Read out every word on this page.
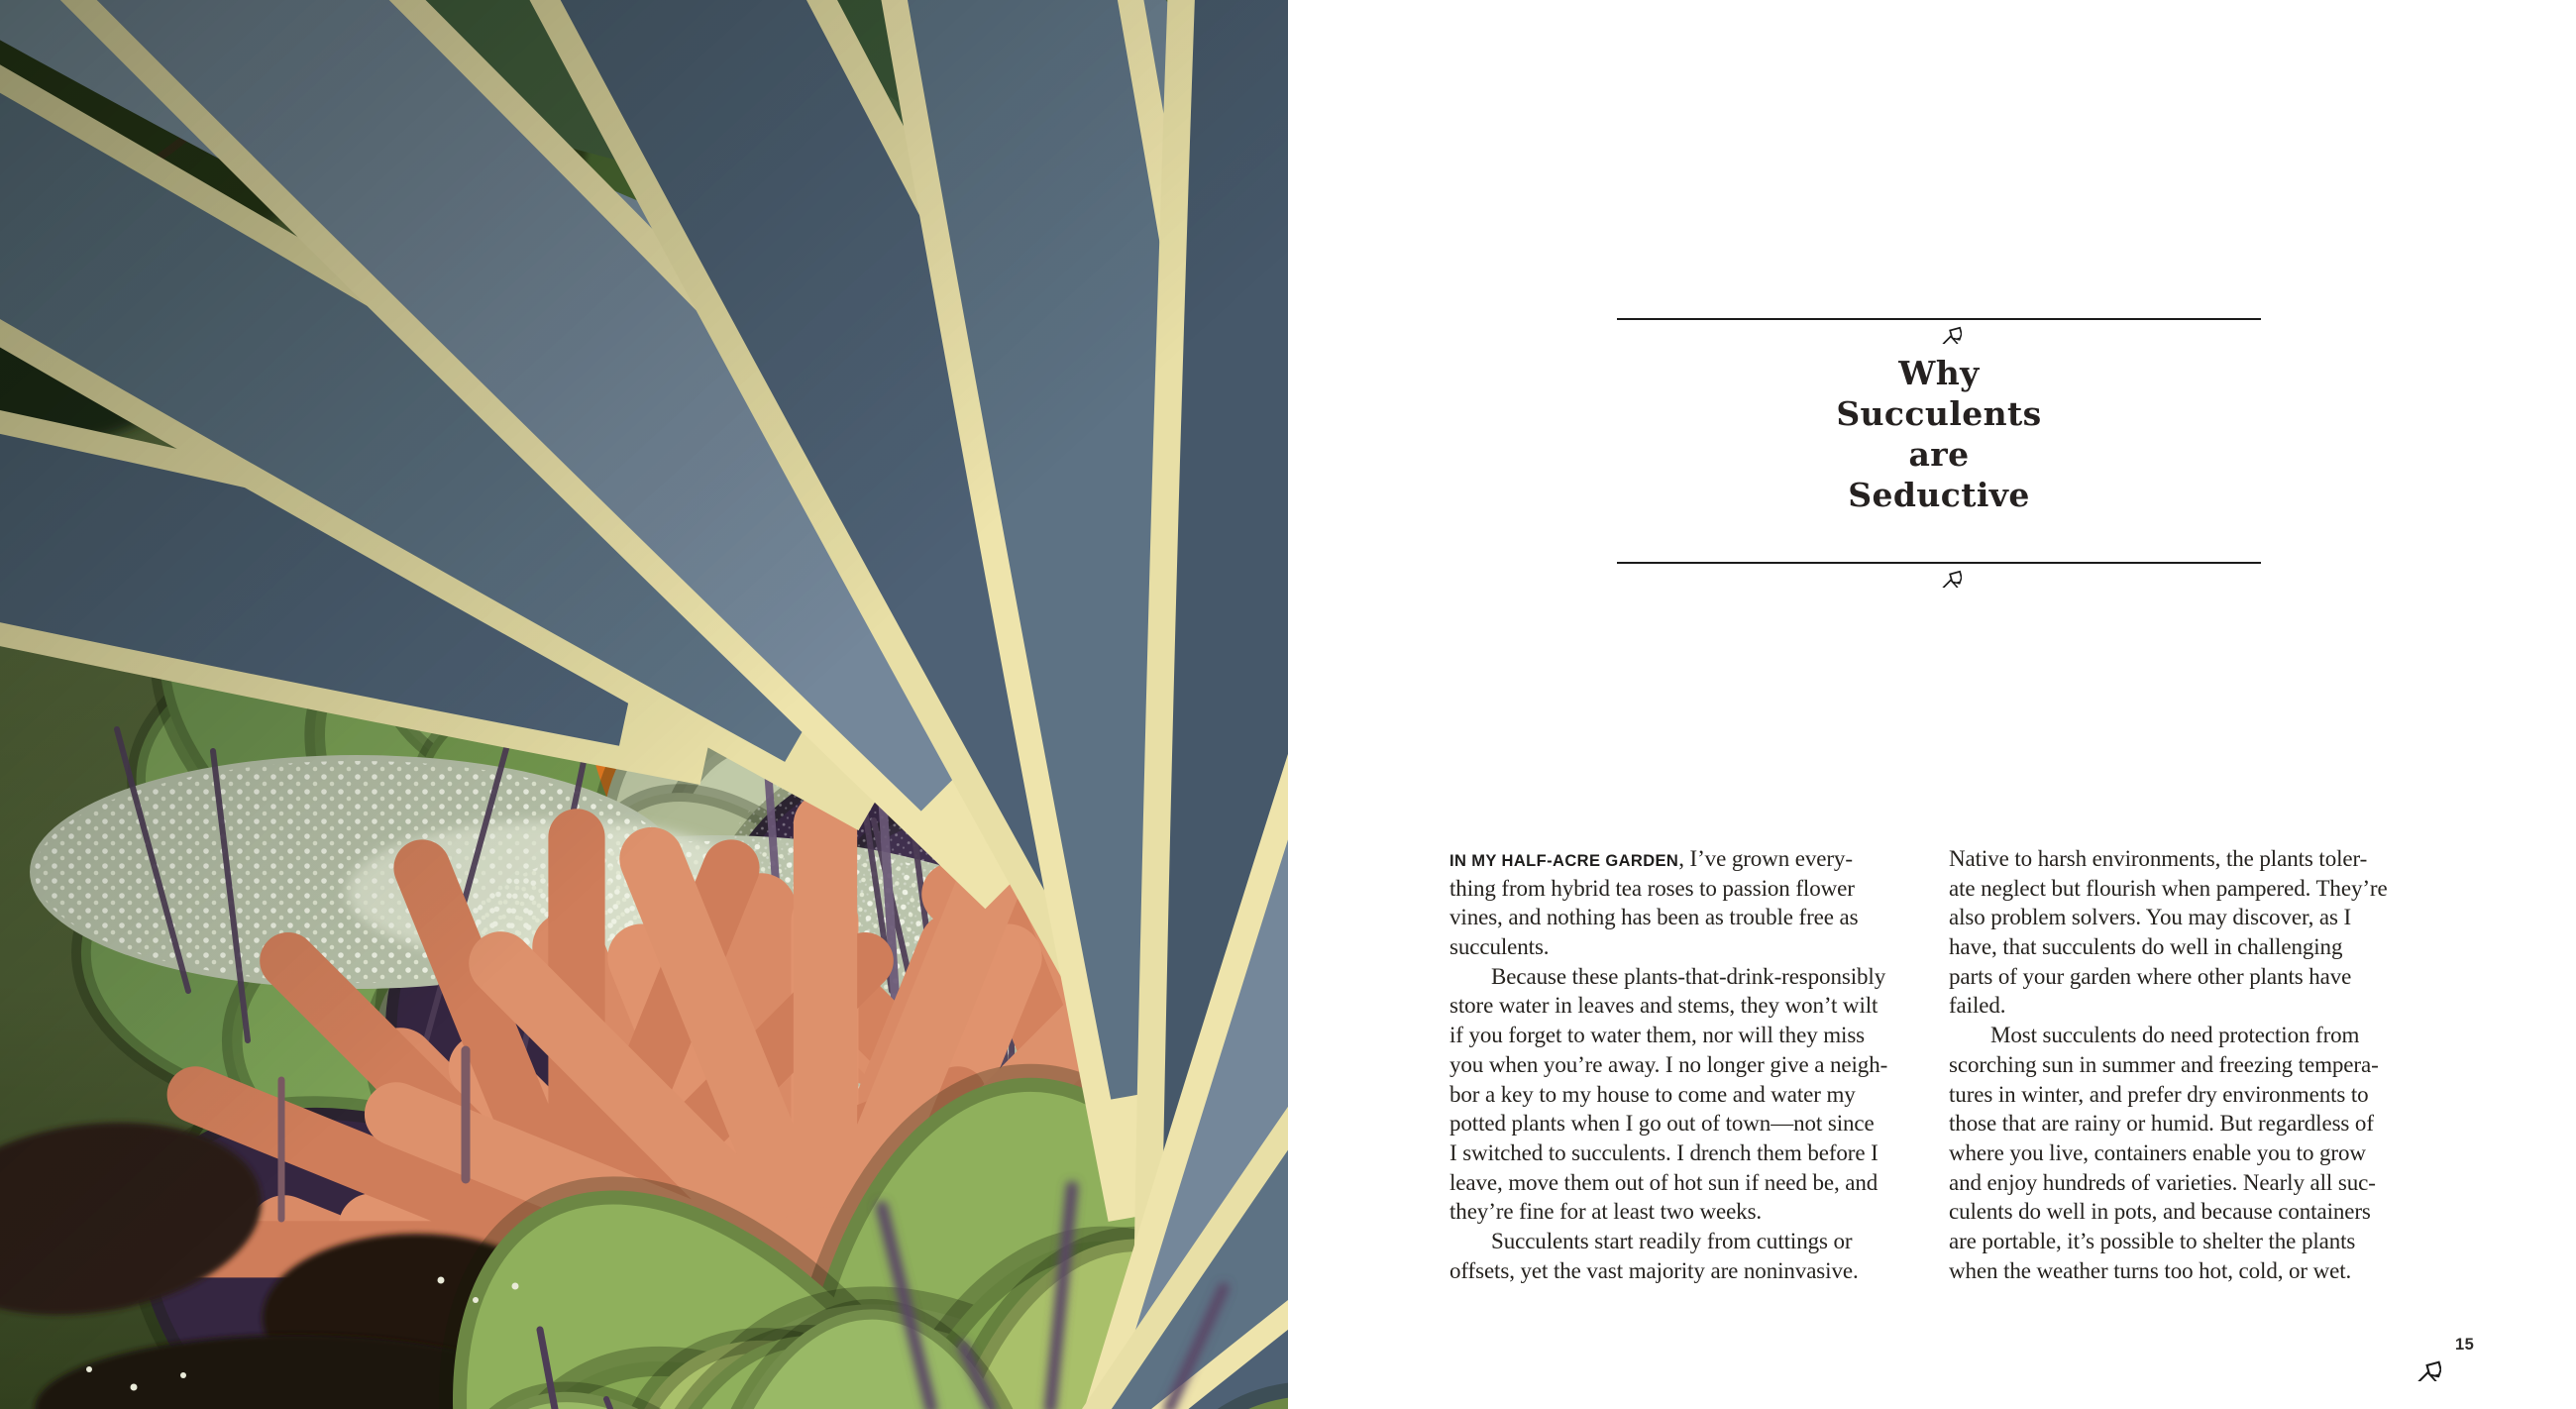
Why
Succulents
are
Seductive
IN MY HALF-ACRE GARDEN, I’ve grown every-
thing from hybrid tea roses to passion flower
vines, and nothing has been as trouble free as
succulents.
Because these plants-that-drink-responsibly
store water in leaves and stems, they won’t wilt
if you forget to water them, nor will they miss
you when you’re away. I no longer give a neigh-
bor a key to my house to come and water my
potted plants when I go out of town—not since
I switched to succulents. I drench them before I
leave, move them out of hot sun if need be, and
they’re fine for at least two weeks.
Succulents start readily from cuttings or
offsets, yet the vast majority are noninvasive.
Native to harsh environments, the plants toler-
ate neglect but flourish when pampered. They’re
also problem solvers. You may discover, as I
have, that succulents do well in challenging
parts of your garden where other plants have
failed.
Most succulents do need protection from
scorching sun in summer and freezing tempera-
tures in winter, and prefer dry environments to
those that are rainy or humid. But regardless of
where you live, containers enable you to grow
and enjoy hundreds of varieties. Nearly all suc-
culents do well in pots, and because containers
are portable, it’s possible to shelter the plants
when the weather turns too hot, cold, or wet.
15
